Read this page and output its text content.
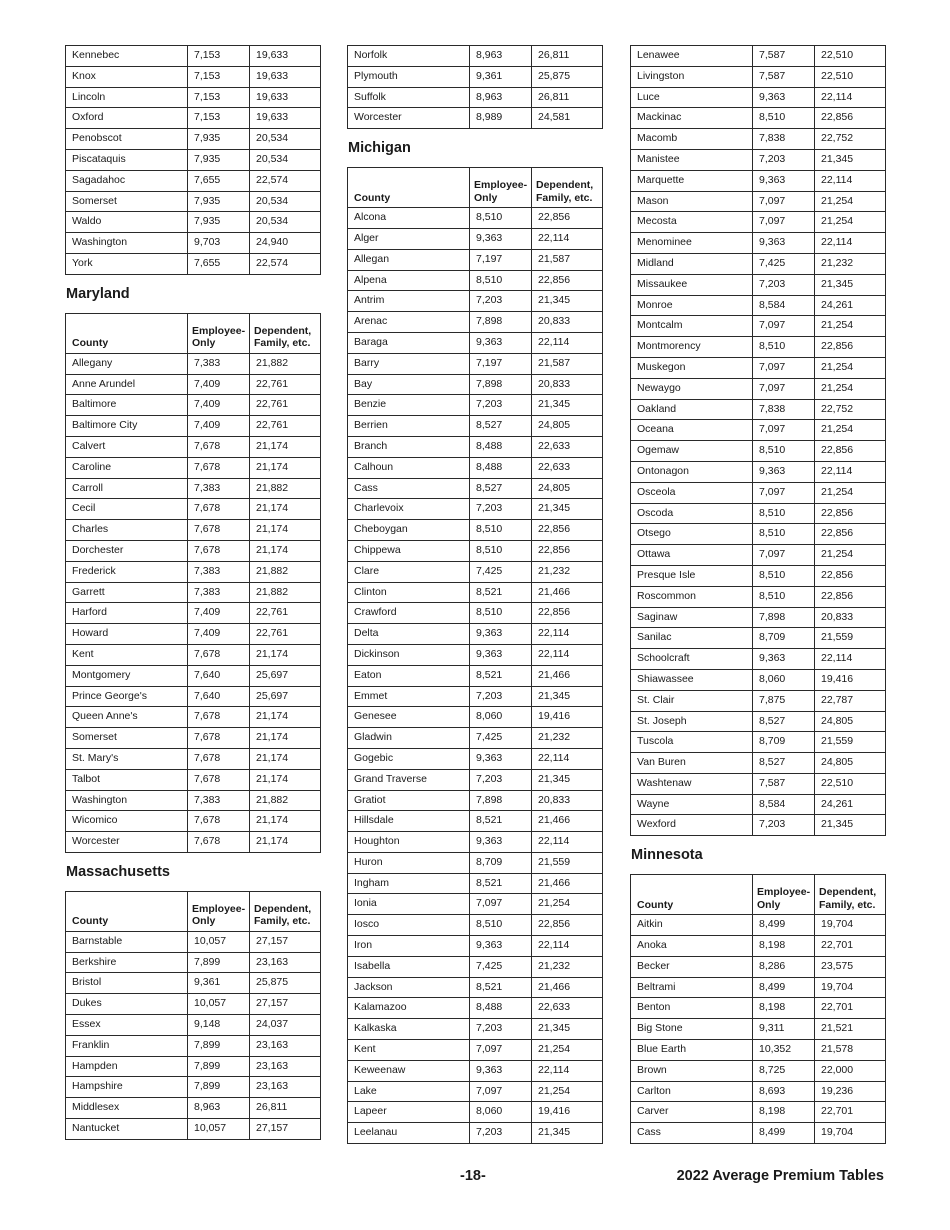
Kennebec	7,153	19,633
Knox	7,153	19,633
Lincoln	7,153	19,633
Oxford	7,153	19,633
Penobscot	7,935	20,534
Piscataquis	7,935	20,534
Sagadahoc	7,655	22,574
Somerset	7,935	20,534
Waldo	7,935	20,534
Washington	9,703	24,940
York	7,655	22,574
Maryland
County	Employee-Only	Dependent, Family, etc.
Allegany	7,383	21,882
Anne Arundel	7,409	22,761
Baltimore	7,409	22,761
Baltimore City	7,409	22,761
Calvert	7,678	21,174
Caroline	7,678	21,174
Carroll	7,383	21,882
Cecil	7,678	21,174
Charles	7,678	21,174
Dorchester	7,678	21,174
Frederick	7,383	21,882
Garrett	7,383	21,882
Harford	7,409	22,761
Howard	7,409	22,761
Kent	7,678	21,174
Montgomery	7,640	25,697
Prince George's	7,640	25,697
Queen Anne's	7,678	21,174
Somerset	7,678	21,174
St. Mary's	7,678	21,174
Talbot	7,678	21,174
Washington	7,383	21,882
Wicomico	7,678	21,174
Worcester	7,678	21,174
Massachusetts
County	Employee-Only	Dependent, Family, etc.
Barnstable	10,057	27,157
Berkshire	7,899	23,163
Bristol	9,361	25,875
Dukes	10,057	27,157
Essex	9,148	24,037
Franklin	7,899	23,163
Hampden	7,899	23,163
Hampshire	7,899	23,163
Middlesex	8,963	26,811
Nantucket	10,057	27,157
Norfolk	8,963	26,811
Plymouth	9,361	25,875
Suffolk	8,963	26,811
Worcester	8,989	24,581
Michigan
County	Employee-Only	Dependent, Family, etc.
Alcona	8,510	22,856
Alger	9,363	22,114
Allegan	7,197	21,587
Alpena	8,510	22,856
Antrim	7,203	21,345
Arenac	7,898	20,833
Baraga	9,363	22,114
Barry	7,197	21,587
Bay	7,898	20,833
Benzie	7,203	21,345
Berrien	8,527	24,805
Branch	8,488	22,633
Calhoun	8,488	22,633
Cass	8,527	24,805
Charlevoix	7,203	21,345
Cheboygan	8,510	22,856
Chippewa	8,510	22,856
Clare	7,425	21,232
Clinton	8,521	21,466
Crawford	8,510	22,856
Delta	9,363	22,114
Dickinson	9,363	22,114
Eaton	8,521	21,466
Emmet	7,203	21,345
Genesee	8,060	19,416
Gladwin	7,425	21,232
Gogebic	9,363	22,114
Grand Traverse	7,203	21,345
Gratiot	7,898	20,833
Hillsdale	8,521	21,466
Houghton	9,363	22,114
Huron	8,709	21,559
Ingham	8,521	21,466
Ionia	7,097	21,254
Iosco	8,510	22,856
Iron	9,363	22,114
Isabella	7,425	21,232
Jackson	8,521	21,466
Kalamazoo	8,488	22,633
Kalkaska	7,203	21,345
Kent	7,097	21,254
Keweenaw	9,363	22,114
Lake	7,097	21,254
Lapeer	8,060	19,416
Leelanau	7,203	21,345
Lenawee	7,587	22,510
Livingston	7,587	22,510
Luce	9,363	22,114
Mackinac	8,510	22,856
Macomb	7,838	22,752
Manistee	7,203	21,345
Marquette	9,363	22,114
Mason	7,097	21,254
Mecosta	7,097	21,254
Menominee	9,363	22,114
Midland	7,425	21,232
Missaukee	7,203	21,345
Monroe	8,584	24,261
Montcalm	7,097	21,254
Montmorency	8,510	22,856
Muskegon	7,097	21,254
Newaygo	7,097	21,254
Oakland	7,838	22,752
Oceana	7,097	21,254
Ogemaw	8,510	22,856
Ontonagon	9,363	22,114
Osceola	7,097	21,254
Oscoda	8,510	22,856
Otsego	8,510	22,856
Ottawa	7,097	21,254
Presque Isle	8,510	22,856
Roscommon	8,510	22,856
Saginaw	7,898	20,833
Sanilac	8,709	21,559
Schoolcraft	9,363	22,114
Shiawassee	8,060	19,416
St. Clair	7,875	22,787
St. Joseph	8,527	24,805
Tuscola	8,709	21,559
Van Buren	8,527	24,805
Washtenaw	7,587	22,510
Wayne	8,584	24,261
Wexford	7,203	21,345
Minnesota
County	Employee-Only	Dependent, Family, etc.
Aitkin	8,499	19,704
Anoka	8,198	22,701
Becker	8,286	23,575
Beltrami	8,499	19,704
Benton	8,198	22,701
Big Stone	9,311	21,521
Blue Earth	10,352	21,578
Brown	8,725	22,000
Carlton	8,693	19,236
Carver	8,198	22,701
Cass	8,499	19,704
-18-	2022 Average Premium Tables
